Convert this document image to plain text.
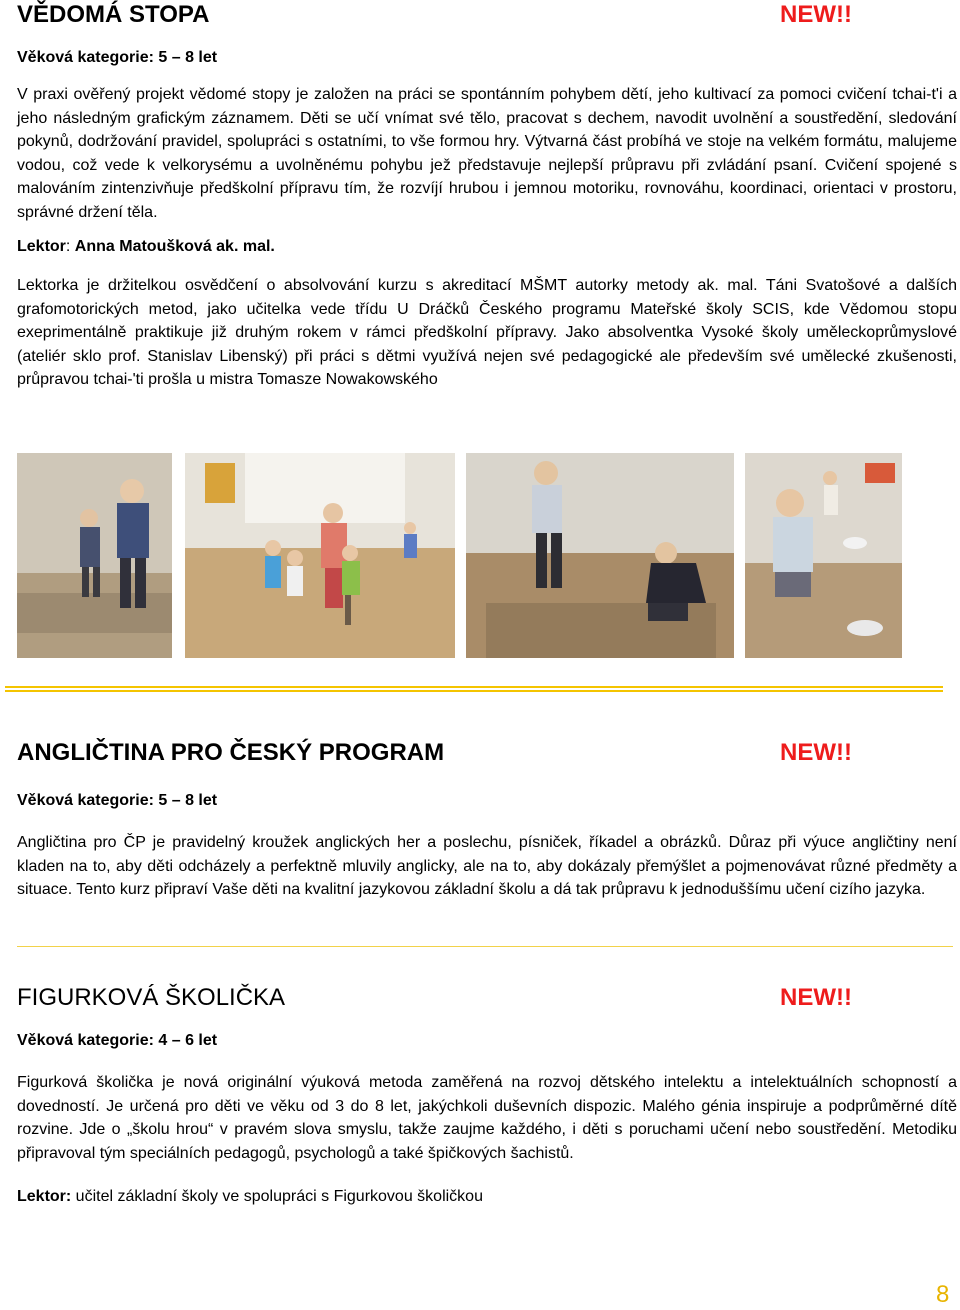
VĚDOMÁ STOPA	NEW!!

Věková kategorie: 5 – 8 let

V praxi ověřený projekt vědomé stopy je založen na práci se spontánním pohybem dětí, jeho kultivací za pomoci cvičení tchai-t'i a jeho následným grafickým záznamem. Děti se učí vnímat své tělo, pracovat s dechem, navodit uvolnění a soustředění, sledování pokynů, dodržování pravidel, spolupráci s ostatními, to vše formou hry. Výtvarná část probíhá ve stoje na velkém formátu, malujeme vodou, což vede k velkorysému a uvolněnému pohybu jež představuje nejlepší průpravu při zvládání psaní. Cvičení spojené s malováním zintenzivňuje předškolní přípravu tím, že rozvíjí hrubou i jemnou motoriku, rovnováhu, koordinaci, orientaci v prostoru, správné držení těla.

Lektor: Anna Matoušková ak. mal.

Lektorka je držitelkou osvědčení o absolvování kurzu s akreditací MŠMT autorky metody ak. mal. Táni Svatošové a dalších grafomotorických metod, jako učitelka vede třídu U Dráčků Českého programu Mateřské školy SCIS, kde Vědomou stopu exeprimentálně praktikuje již druhým rokem v rámci předškolní přípravy. Jako absolventka Vysoké školy uměleckoprůmyslové (ateliér sklo prof. Stanislav Libenský) při práci s dětmi využívá nejen své pedagogické ale především své umělecké zkušenosti, průpravou tchai-'ti prošla u mistra Tomasze Nowakowského

ANGLIČTINA PRO ČESKÝ PROGRAM	NEW!!

Věková kategorie: 5 – 8 let

Angličtina pro ČP je pravidelný kroužek anglických her a poslechu, písniček, říkadel a obrázků. Důraz při výuce angličtiny není kladen na to, aby děti odcházely a perfektně mluvily anglicky, ale na to, aby dokázaly přemýšlet a pojmenovávat různé předměty a situace. Tento kurz připraví Vaše děti na kvalitní jazykovou základní školu a dá tak průpravu k jednoduššímu učení cizího jazyka.

FIGURKOVÁ ŠKOLIČKA	NEW!!

Věková kategorie: 4 – 6 let

Figurková školička je nová originální výuková metoda zaměřená na rozvoj dětského intelektu a intelektuálních schopností a dovedností. Je určená pro děti ve věku od 3 do 8 let, jakýchkoli duševních dispozic. Malého génia inspiruje a podprůměrné dítě rozvine. Jde o „školu hrou“ v pravém slova smyslu, takže zaujme každého, i děti s poruchami učení nebo soustředění. Metodiku připravoval tým speciálních pedagogů, psychologů a také špičkových šachistů.

Lektor: učitel základní školy ve spolupráci s Figurkovou školičkou

8
